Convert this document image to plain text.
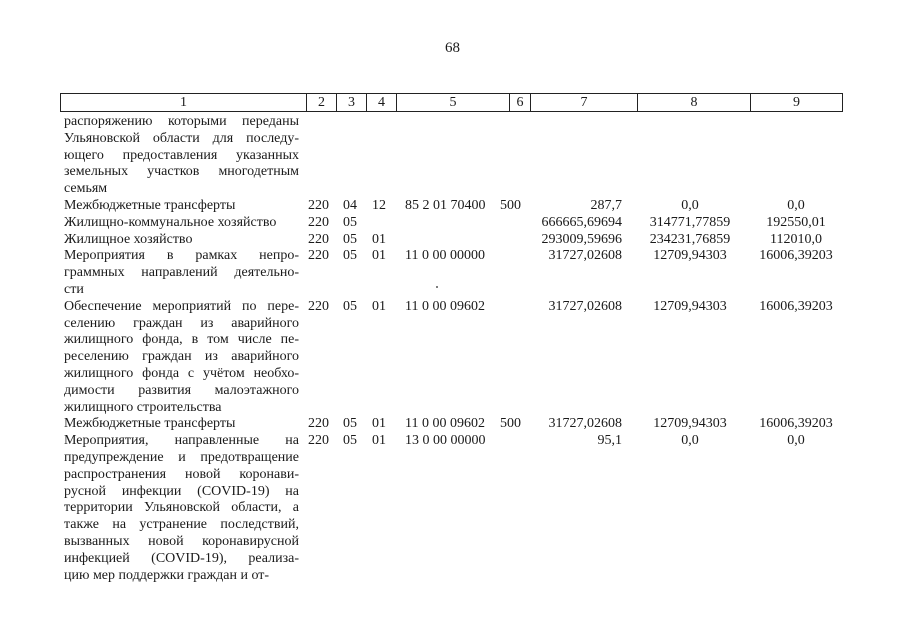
68
1	2	3	4	5	6	7	8	9
распоряжению которыми переданы
Ульяновской области для последу-
ющего предоставления указанных
земельных участков многодетным
семьям
Межбюджетные трансферты	220 04 12 85 2 01 70400 500	287,7	0,0	0,0
Жилищно-коммунальное хозяйство	220 05	666665,69694	314771,77859	192550,01
Жилищное хозяйство	220 05 01	293009,59696	234231,76859	112010,0
Мероприятия в рамках непро-
граммных направлений деятельно-
сти
220 05 01 11 0 00 00000	31727,02608	12709,94303	16006,39203
Обеспечение мероприятий по пере-
селению граждан из аварийного
жилищного фонда, в том числе пе-
реселению граждан из аварийного
жилищного фонда с учётом необхо-
димости развития малоэтажного
жилищного строительства
220 05 01 11 0 00 09602	31727,02608	12709,94303	16006,39203
Межбюджетные трансферты	220 05 01 11 0 00 09602 500	31727,02608	12709,94303	16006,39203
Мероприятия, направленные на
предупреждение и предотвращение
распространения новой коронави-
русной инфекции (COVID-19) на
территории Ульяновской области, а
также на устранение последствий,
вызванных новой коронавирусной
инфекцией (COVID-19), реализа-
цию мер поддержки граждан и от-
220 05 01 13 0 00 00000	95,1	0,0	0,0
